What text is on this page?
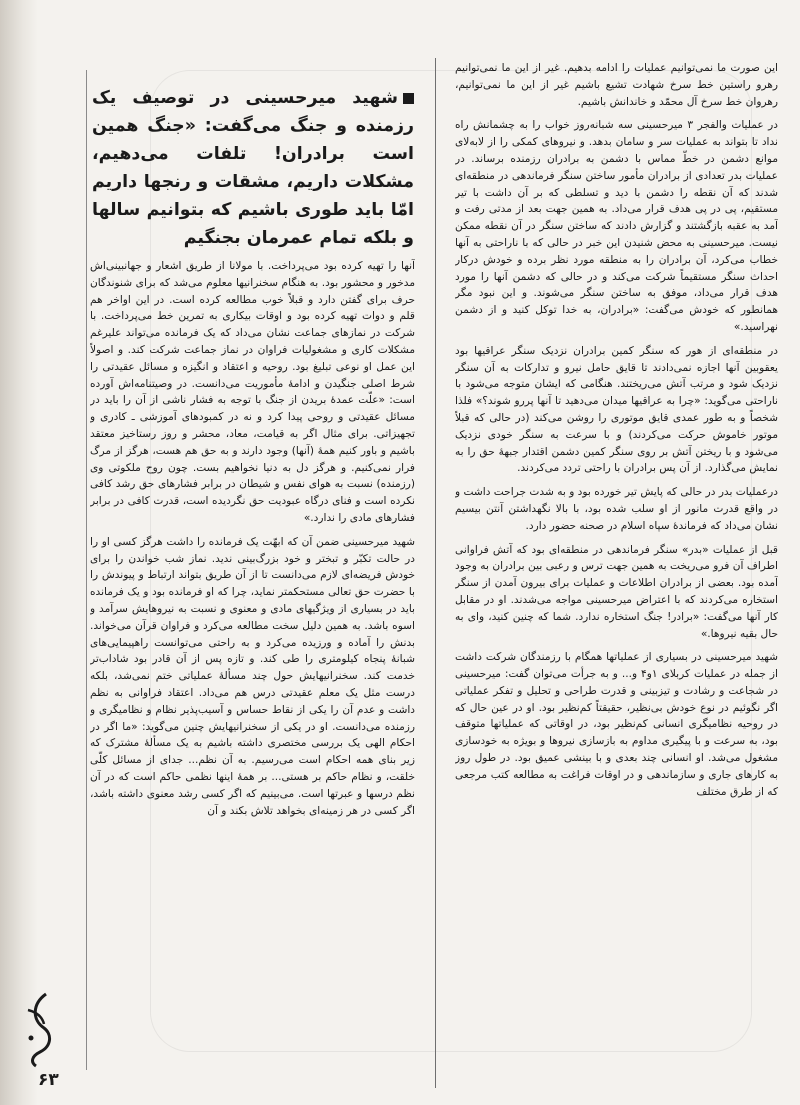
شهید میرحسینی در توصیف یک رزمنده و جنگ می‌گفت: «جنگ همین است برادران! تلفات می‌دهیم، مشکلات داریم، مشقات و رنجها داریم امّا باید طوری باشیم که بتوانیم سالها و بلکه تمام عمرمان بجنگیم

آنها را تهیه کرده بود می‌پرداخت. با مولانا از طریق اشعار و جهانبینی‌اش مدخور و محشور بود. به هنگام سخنرانیها معلوم می‌شد که برای شنوندگان حرف برای گفتن دارد و قبلاً خوب مطالعه کرده است. در این اواخر هم قلم و دوات تهیه کرده بود و اوقات بیکاری به تمرین خط می‌پرداخت. با شرکت در نمازهای جماعت نشان می‌داد که یک فرمانده می‌تواند علیرغم مشکلات کاری و مشغولیات فراوان در نماز جماعت شرکت کند. و اصولاً این عمل او نوعی تبلیغ بود. روحیه و اعتقاد و انگیزه و مسائل عقیدتی را شرط اصلی جنگیدن و ادامهٔ مأموریت می‌دانست. در وصیتنامه‌اش آورده است: «علّت عمدهٔ بریدن از جنگ با توجه به فشار ناشی از آن را باید در مسائل عقیدتی و روحی پیدا کرد و نه در کمبودهای آموزشی ـ کادری و تجهیزاتی. برای مثال اگر به قیامت، معاد، محشر و روز رستاخیز معتقد باشیم و باور کنیم همهٔ (آنها) وجود دارند و به حق هم هست، هرگز از مرگ فرار نمی‌کنیم. و هرگز دل به دنیا نخواهیم بست. چون روح ملکوتی وی (رزمنده) نسبت به هوای نفس و شیطان در برابر فشارهای حق رشد کافی نکرده است و فنای درگاه عبودیت حق نگردیده است، قدرت کافی در برابر فشارهای مادی را ندارد.»

شهید میرحسینی ضمن آن که ابهّت یک فرمانده را داشت هرگز کسی او را در حالت تکبّر و تبختر و خود بزرگ‌بینی ندید. نماز شب خواندن را برای خودش فریضه‌ای لازم می‌دانست تا از آن طریق بتواند ارتباط و پیوندش را با حضرت حق تعالی مستحکمتر نماید، چرا که او فرمانده بود و یک فرمانده باید در بسیاری از ویژگیهای مادی و معنوی و نسبت به نیروهایش سرآمد و اسوه باشد. به همین دلیل سخت مطالعه می‌کرد و فراوان قرآن می‌خواند. بدنش را آماده و ورزیده می‌کرد و به راحتی می‌توانست راهپیمایی‌های شبانهٔ پنجاه کیلومتری را طی کند. و تازه پس از آن قادر بود شاداب‌تر خدمت کند. سخنرانیهایش حول چند مسألهٔ عملیاتی ختم نمی‌شد، بلکه درست مثل یک معلم عقیدتی درس هم می‌داد. اعتقاد فراوانی به نظم داشت و عدم آن را یکی از نقاط حساس و آسیب‌پذیر نظام و نظامیگری و رزمنده می‌دانست. او در یکی از سخنرانیهایش چنین می‌گوید: «ما اگر در احکام الهی یک بررسی مختصری داشته باشیم به یک مسألهٔ مشترک که زیر بنای همه احکام است می‌رسیم. به آن نظم... جدای از مسائل کلّی خلقت، و نظام حاکم بر هستی... بر همهٔ اینها نظمی حاکم است که در آن نظم درسها و عبرتها است. می‌بینیم که اگر کسی رشد معنوی داشته باشد، اگر کسی در هر زمینه‌ای بخواهد تلاش بکند و آن

این صورت ما نمی‌توانیم عملیات را ادامه بدهیم. غیر از این ما نمی‌توانیم رهرو راستین خط سرخ شهادت تشیع باشیم غیر از این ما نمی‌توانیم، رهروان خط سرخ آل محمّد و خاندانش باشیم.

در عملیات والفجر ۳ میرحسینی سه شبانه‌روز خواب را به چشمانش راه نداد تا بتواند به عملیات سر و سامان بدهد. و نیروهای کمکی را از لا‌به‌لای موانع دشمن در خطّ مماس با دشمن به برادران رزمنده برساند. در عملیات بدر تعدادی از برادران مأمور ساختن سنگر فرماندهی در منطقه‌ای شدند که آن نقطه را دشمن با دید و تسلطی که بر آن داشت با تیر مستقیم، پی در پی هدف قرار می‌داد. به همین جهت بعد از مدتی رفت و آمد به عقبه بازگشتند و گزارش دادند که ساختن سنگر در آن نقطه ممکن نیست. میرحسینی به محض شنیدن این خبر در حالی که با ناراحتی به آنها خطاب می‌کرد، آن برادران را به منطقه مورد نظر برده و خودش درکار احداث سنگر مستقیماً شرکت می‌کند و در حالی که دشمن آنها را مورد هدف قرار می‌داد، موفق به ساختن سنگر می‌شوند. و این نبود مگر همانطور که خودش می‌گفت: «برادران، به خدا توکل کنید و از دشمن نهراسید.»

در منطقه‌ای از هور که سنگر کمین برادران نزدیک سنگر عراقیها بود یعقوبین آنها اجازه نمی‌دادند تا قایق حامل نیرو و تدارکات به آن سنگر نزدیک شود و مرتب آتش می‌ریختند. هنگامی که ایشان متوجه می‌شود با ناراحتی می‌گوید: «چرا به عراقیها میدان می‌دهید تا آنها پررو شوند؟» فلذا شخصاً و به طور عمدی قایق موتوری را روشن می‌کند (در حالی که قبلاً موتور خاموش حرکت می‌کردند) و با سرعت به سنگر خودی نزدیک می‌شود و با ریختن آتش بر روی سنگر کمین دشمن اقتدار جبههٔ حق را به نمایش می‌گذارد. از آن پس برادران با راحتی تردد می‌کردند.

درعملیات بدر در حالی که پایش تیر خورده بود و به شدت جراحت داشت و در واقع قدرت مانور از او سلب شده بود، با بالا نگهداشتن آنتن بیسیم نشان می‌داد که فرماندهٔ سپاه اسلام در صحنه حضور دارد.

قبل از عملیات «بدر» سنگر فرماندهی در منطقه‌ای بود که آتش فراوانی اطراف آن فرو می‌ریخت به همین جهت ترس و رعبی بین برادران به وجود آمده بود. بعضی از برادران اطلاعات و عملیات برای بیرون آمدن از سنگر استخاره می‌کردند که با اعتراض میرحسینی مواجه می‌شدند. او در مقابل کار آنها می‌گفت: «برادر! جنگ استخاره ندارد. شما که چنین کنید، وای به حال بقیه نیروها.»

شهید میرحسینی در بسیاری از عملیاتها همگام با رزمندگان شرکت داشت از جمله در عملیات کربلای ۱و۴ و... و به جرأت می‌توان گفت: میرحسینی در شجاعت و رشادت و تیزبینی و قدرت طراحی و تحلیل و تفکر عملیاتی اگر نگوئیم در نوع خودش بی‌نظیر، حقیقتاً کم‌نظیر بود. او در عین حال که در روحیه نظامیگری انسانی کم‌نظیر بود، در اوقاتی که عملیاتها متوقف بود، به سرعت و با پیگیری مداوم به بازسازی نیروها و بویژه به خودسازی مشغول می‌شد. او انسانی چند بعدی و با بینشی عمیق بود. در طول روز به کارهای جاری و سازماندهی و در اوقات فراغت به مطالعه کتب مرجعی که از طرق مختلف

۶۳
